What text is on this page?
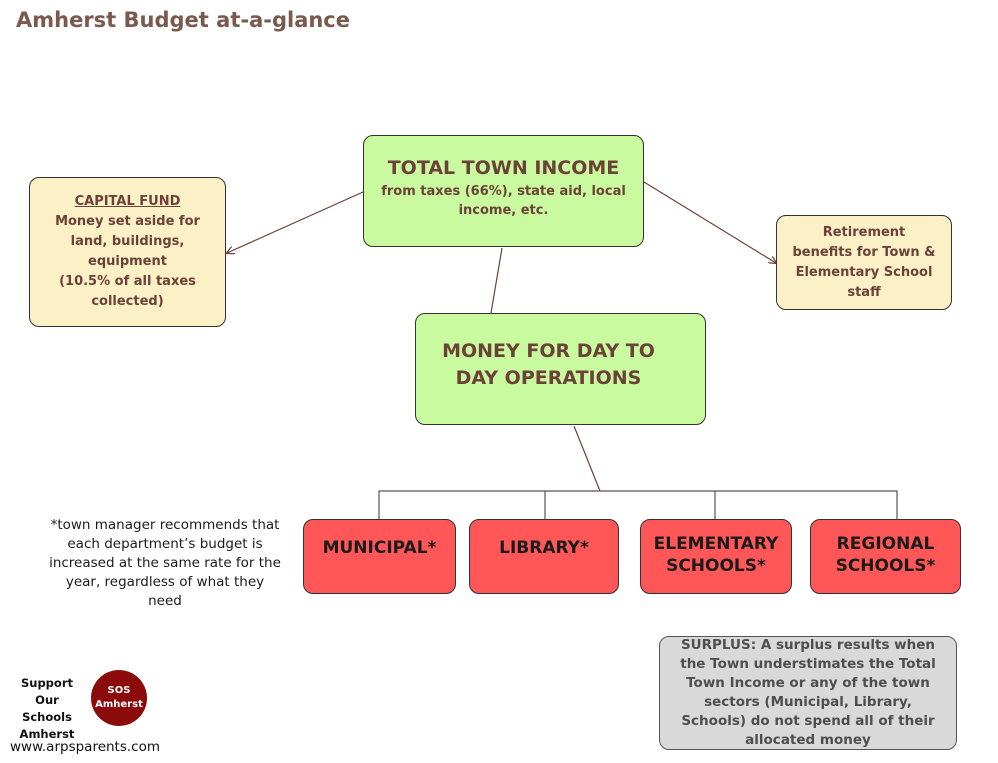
Amherst Budget at-a-glance
TOTAL TOWN INCOME
from taxes (66%), state aid, local income, etc.
CAPITAL FUND
Money set aside for land, buildings, equipment
(10.5% of all taxes collected)
Retirement benefits for Town & Elementary School staff
MONEY FOR DAY TO DAY OPERATIONS
MUNICIPAL*	LIBRARY*	ELEMENTARY SCHOOLS*
REGIONAL SCHOOLS*
*town manager recommends that each department’s budget is increased at the same rate for the year, regardless of what they need
SURPLUS: A surplus results when the Town understimates the Total Town Income or any of the town sectors (Municipal, Library, Schools) do not spend all of their allocated money
Support Our Schools Amherst
SOS
Amherst
www.arpsparents.com
